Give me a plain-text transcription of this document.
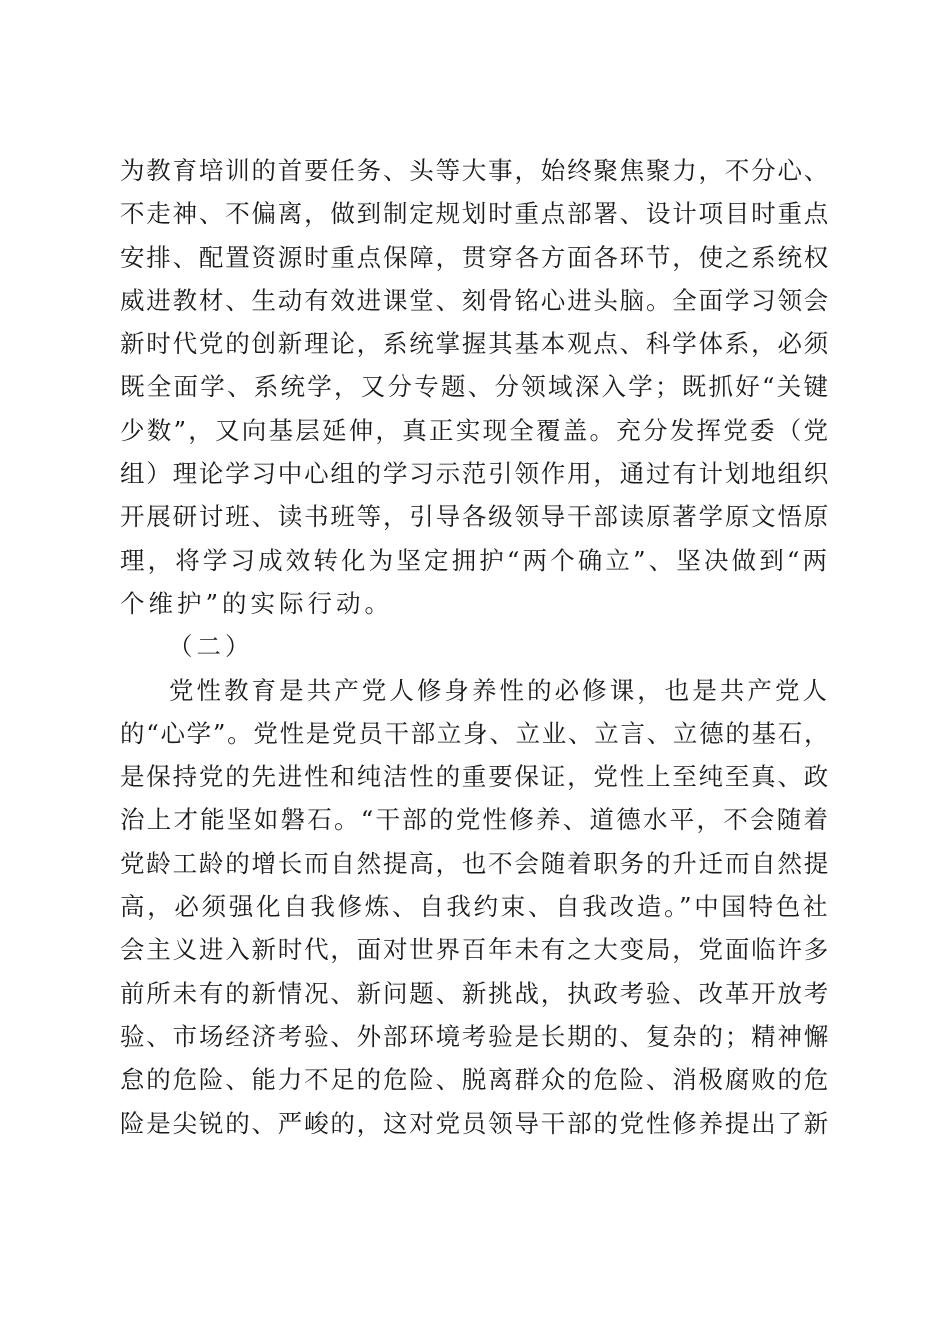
为教育培训的首要任务、头等大事，始终聚焦聚力，不分心、
不走神、不偏离，做到制定规划时重点部署、设计项目时重点
安排、配置资源时重点保障，贯穿各方面各环节，使之系统权
威进教材、生动有效进课堂、刻骨铭心进头脑。全面学习领会
新时代党的创新理论，系统掌握其基本观点、科学体系，必须
既全面学、系统学，又分专题、分领域深入学；既抓好“关键
少数”，又向基层延伸，真正实现全覆盖。充分发挥党委（党
组）理论学习中心组的学习示范引领作用，通过有计划地组织
开展研讨班、读书班等，引导各级领导干部读原著学原文悟原
理，将学习成效转化为坚定拥护“两个确立”、坚决做到“两
个维护”的实际行动。
（二）
党性教育是共产党人修身养性的必修课，也是共产党人
的“心学”。党性是党员干部立身、立业、立言、立德的基石，
是保持党的先进性和纯洁性的重要保证，党性上至纯至真、政
治上才能坚如磐石。“干部的党性修养、道德水平，不会随着
党龄工龄的增长而自然提高，也不会随着职务的升迁而自然提
高，必须强化自我修炼、自我约束、自我改造。”中国特色社
会主义进入新时代，面对世界百年未有之大变局，党面临许多
前所未有的新情况、新问题、新挑战，执政考验、改革开放考
验、市场经济考验、外部环境考验是长期的、复杂的；精神懈
怠的危险、能力不足的危险、脱离群众的危险、消极腐败的危
险是尖锐的、严峻的，这对党员领导干部的党性修养提出了新
